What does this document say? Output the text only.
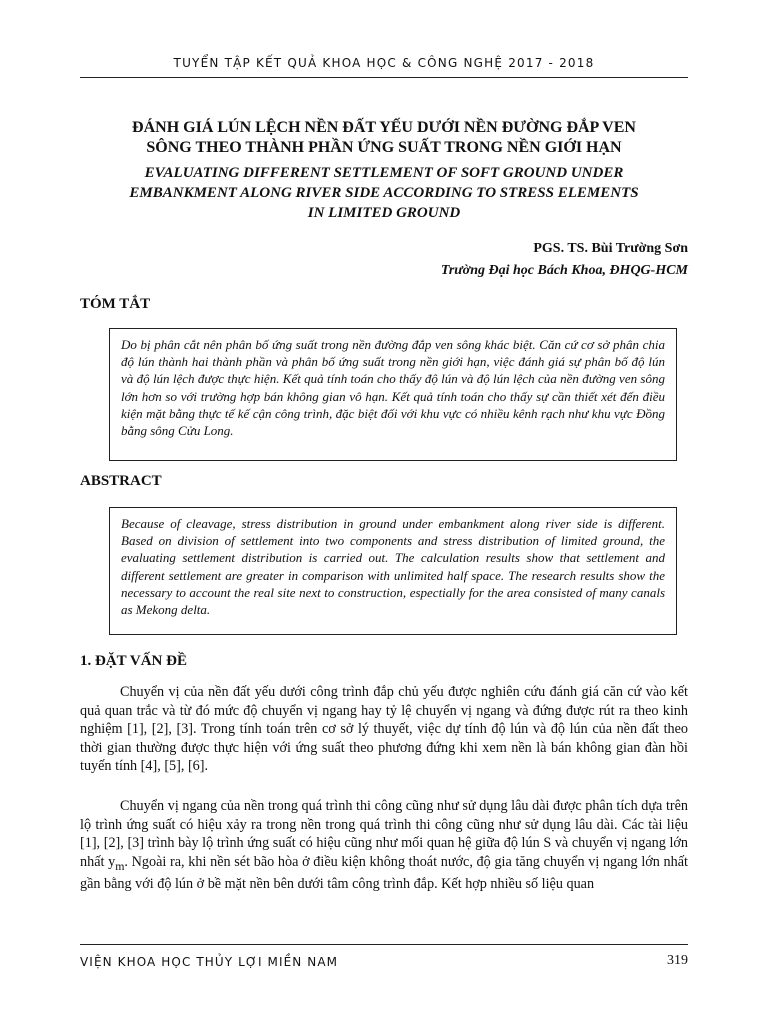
TUYỂN TẬP KẾT QUẢ KHOA HỌC & CÔNG NGHỆ 2017 - 2018
ĐÁNH GIÁ LÚN LỆCH NỀN ĐẤT YẾU DƯỚI NỀN ĐƯỜNG ĐẮP VEN
SÔNG THEO THÀNH PHẦN ỨNG SUẤT TRONG NỀN GIỚI HẠN
EVALUATING DIFFERENT SETTLEMENT OF SOFT GROUND UNDER
EMBANKMENT ALONG RIVER SIDE ACCORDING TO STRESS ELEMENTS
IN LIMITED GROUND
PGS. TS. Bùi Trường Sơn
Trường Đại học Bách Khoa, ĐHQG-HCM
TÓM TẮT
Do bị phân cắt nên phân bố ứng suất trong nền đường đắp ven sông khác biệt. Căn cứ cơ sở phân chia độ lún thành hai thành phần và phân bố ứng suất trong nền giới hạn, việc đánh giá sự phân bố độ lún và độ lún lệch được thực hiện. Kết quả tính toán cho thấy độ lún và độ lún lệch của nền đường ven sông lớn hơn so với trường hợp bán không gian vô hạn. Kết quả tính toán cho thấy sự cần thiết xét đến điều kiện mặt bằng thực tế kế cận công trình, đặc biệt đối với khu vực có nhiều kênh rạch như khu vực Đồng bằng sông Cửu Long.
ABSTRACT
Because of cleavage, stress distribution in ground under embankment along river side is different. Based on division of settlement into two components and stress distribution of limited ground, the evaluating settlement distribution is carried out. The calculation results show that settlement and different settlement are greater in comparison with unlimited half space. The research results show the necessary to account the real site next to construction, espectially for the area consisted of many canals as Mekong delta.
1. ĐẶT VẤN ĐỀ

Chuyển vị của nền đất yếu dưới công trình đắp chủ yếu được nghiên cứu đánh giá căn cứ vào kết quả quan trắc và từ đó mức độ chuyển vị ngang hay tỷ lệ chuyển vị ngang và đứng được rút ra theo kinh nghiệm [1], [2], [3]. Trong tính toán trên cơ sở lý thuyết, việc dự tính độ lún và độ lún của nền đất theo thời gian thường được thực hiện với ứng suất theo phương đứng khi xem nền là bán không gian đàn hồi tuyến tính [4], [5], [6].

Chuyển vị ngang của nền trong quá trình thi công cũng như sử dụng lâu dài được phân tích dựa trên lộ trình ứng suất có hiệu xảy ra trong nền trong quá trình thi công cũng như sử dụng lâu dài. Các tài liệu [1], [2], [3] trình bày lộ trình ứng suất có hiệu cũng như mối quan hệ giữa độ lún S và chuyển vị ngang lớn nhất $y_m$. Ngoài ra, khi nền sét bão hòa ở điều kiện không thoát nước, độ gia tăng chuyển vị ngang lớn nhất gần bằng với độ lún ở bề mặt nền bên dưới tâm công trình đắp. Kết hợp nhiều số liệu quan

VIỆN KHOA HỌC THỦY LỢI MIỀN NAM	319
